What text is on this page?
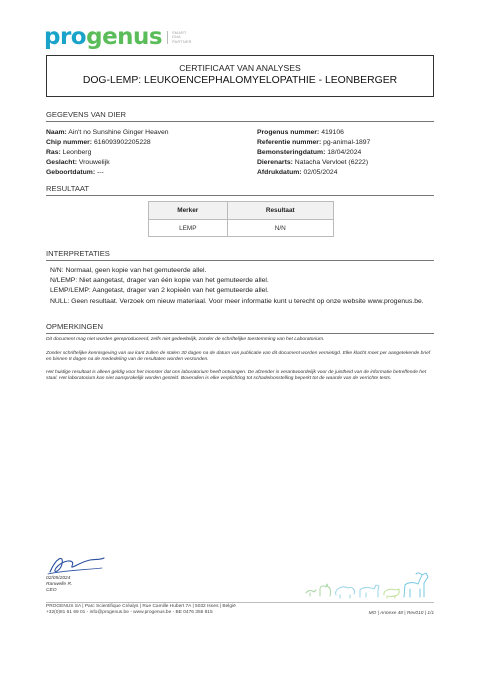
progenus	SMART
DNA
PARTNER
CERTIFICAAT VAN ANALYSES
DOG-LEMP: LEUKOENCEPHALOMYELOPATHIE - LEONBERGER
GEGEVENS VAN DIER
Naam: Ain't no Sunshine Ginger Heaven
Chip nummer: 616093902205228
Ras: Leonberg
Geslacht: Vrouwelijk
Geboortdatum: ---
Progenus nummer: 419106
Referentie nummer: pg-animal-1897
Bemonsteringdatum: 18/04/2024
Dierenarts: Natacha Vervloet (6222)
Afdrukdatum: 02/05/2024
RESULTAAT
Merker	Resultaat
LEMP	N/N
INTERPRETATIES
N/N: Normaal, geen kopie van het gemuteerde allel.
N/LEMP: Niet aangetast, drager van één kopie van het gemuteerde allel.
LEMP/LEMP: Aangetast, drager van 2 kopieën van het gemuteerde allel.
NULL: Geen resultaat. Verzoek om nieuw materiaal. Voor meer informatie kunt u terecht op onze website www.progenus.be.
OPMERKINGEN
Dit document mag niet worden gereproduceerd, zelfs niet gedeeltelijk, zonder de schriftelijke toestemming van het Laboratorium.
Zonder schriftelijke kennisgeving van uw kant zullen de stalen 30 dagen na de datum van publicatie van dit document worden vernietigd. Elke klacht moet per aangetekende brief en binnen 8 dagen na de mededeling van de resultaten worden verzonden.
Het huidige resultaat is alleen geldig voor het monster dat ons laboratorium heeft ontvangen. De afzender is verantwoordelijk voor de juistheid van de informatie betreffende het staal. Het laboratorium kan niet aansprakelijk worden gesteld. Bovendien is elke verplichting tot schadeloosstelling beperkt tot de waarde van de verrichte tests.
02/05/2024
Ranwelle R.
CEO
PROGENUS SA | Parc Scientifique Créalys | Rue Camille Hubert 7A | 5032 Isnes | België
+32(0)81 61 69 01 - info@progenus.be - www.progenus.be - BE 0476 355 815	MO | Annexe 48 | Rev010 | 1/1
